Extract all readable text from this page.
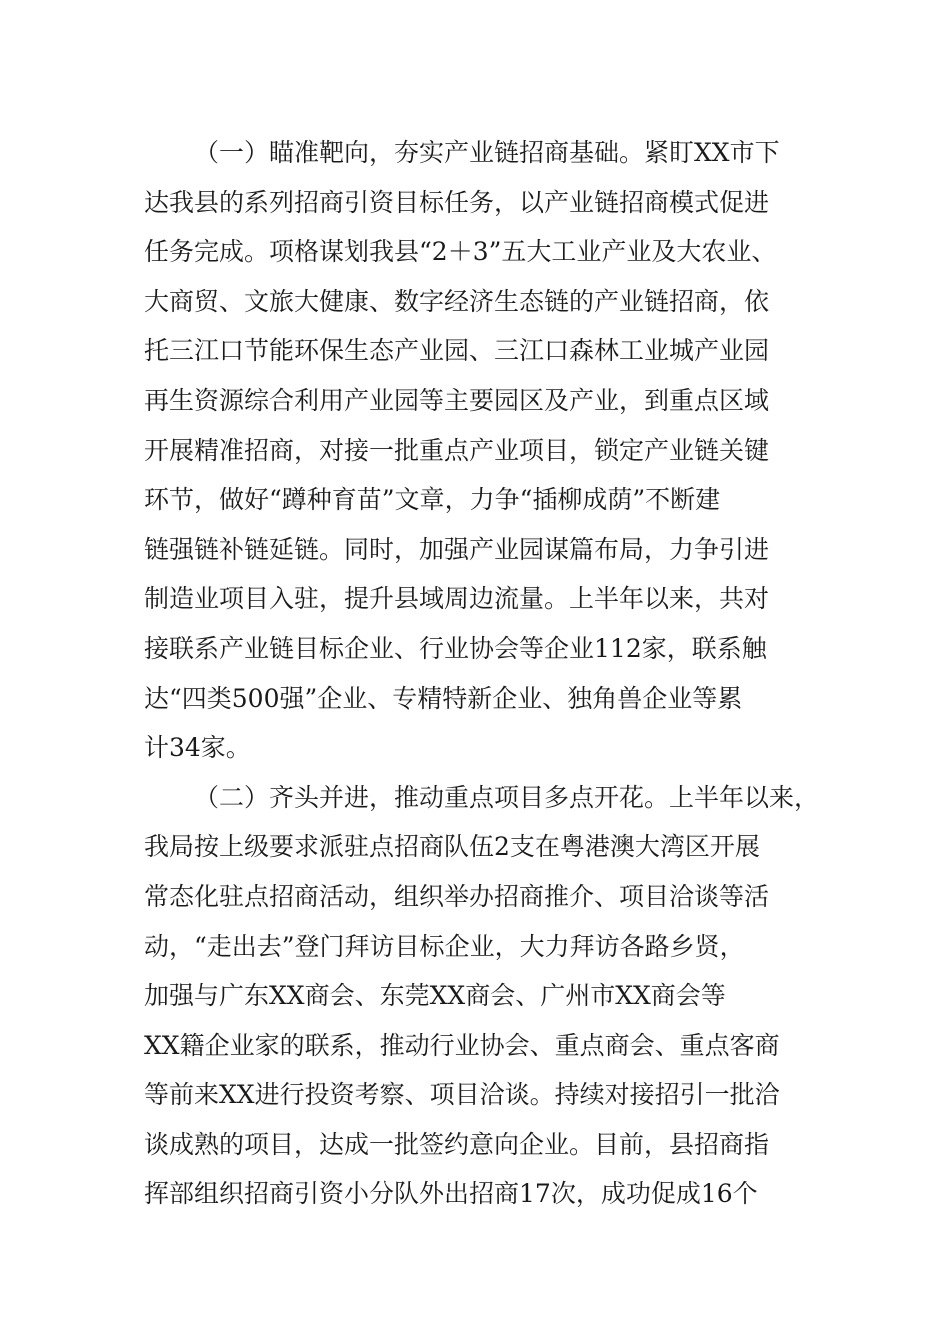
（一）瞄准靶向，夯实产业链招商基础。紧盯XX市下
达我县的系列招商引资目标任务，以产业链招商模式促进
任务完成。项格谋划我县“2＋3”五大工业产业及大农业、
大商贸、文旅大健康、数字经济生态链的产业链招商，依
托三江口节能环保生态产业园、三江口森林工业城产业园
再生资源综合利用产业园等主要园区及产业，到重点区域
开展精准招商，对接一批重点产业项目，锁定产业链关键
环节，做好“蹲种育苗”文章，力争“插柳成荫”不断建
链强链补链延链。同时，加强产业园谋篇布局，力争引进
制造业项目入驻，提升县域周边流量。上半年以来，共对
接联系产业链目标企业、行业协会等企业112家，联系触
达“四类500强”企业、专精特新企业、独角兽企业等累
计34家。
（二）齐头并进，推动重点项目多点开花。上半年以来，
我局按上级要求派驻点招商队伍2支在粤港澳大湾区开展
常态化驻点招商活动，组织举办招商推介、项目洽谈等活
动，“走出去”登门拜访目标企业，大力拜访各路乡贤，
加强与广东XX商会、东莞XX商会、广州市XX商会等
XX籍企业家的联系，推动行业协会、重点商会、重点客商
等前来XX进行投资考察、项目洽谈。持续对接招引一批洽
谈成熟的项目，达成一批签约意向企业。目前，县招商指
挥部组织招商引资小分队外出招商17次，成功促成16个
